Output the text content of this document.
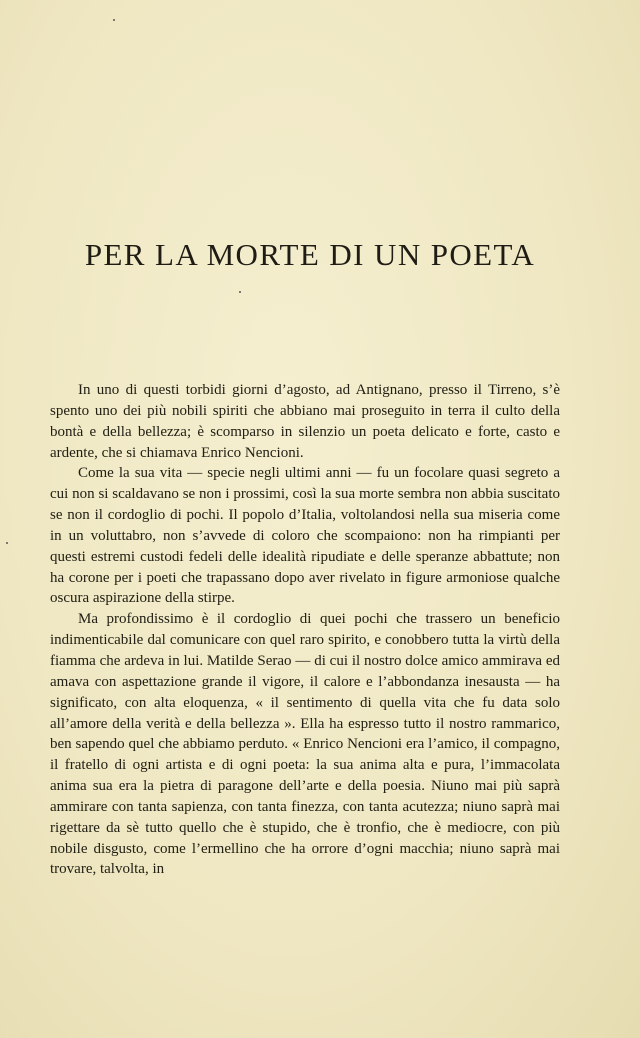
PER LA MORTE DI UN POETA

In uno di questi torbidi giorni d’agosto, ad Antignano, presso il Tirreno, s’è spento uno dei più nobili spiriti che abbiano mai proseguito in terra il culto della bontà e della bellezza; è scomparso in silenzio un poeta delicato e forte, casto e ardente, che si chiamava Enrico Nencioni.

Come la sua vita — specie negli ultimi anni — fu un focolare quasi segreto a cui non si scaldavano se non i prossimi, così la sua morte sembra non abbia suscitato se non il cordoglio di pochi. Il popolo d’Italia, voltolandosi nella sua miseria come in un voluttabro, non s’avvede di coloro che scompaiono: non ha rimpianti per questi estremi custodi fedeli delle idealità ripudiate e delle speranze abbattute; non ha corone per i poeti che trapassano dopo aver rivelato in figure armoniose qualche oscura aspirazione della stirpe.

Ma profondissimo è il cordoglio di quei pochi che trassero un beneficio indimenticabile dal comunicare con quel raro spirito, e conobbero tutta la virtù della fiamma che ardeva in lui. Matilde Serao — di cui il nostro dolce amico ammirava ed amava con aspettazione grande il vigore, il calore e l’abbondanza inesausta — ha significato, con alta eloquenza, « il sentimento di quella vita che fu data solo all’amore della verità e della bellezza ». Ella ha espresso tutto il nostro rammarico, ben sapendo quel che abbiamo perduto. « Enrico Nencioni era l’amico, il compagno, il fratello di ogni artista e di ogni poeta: la sua anima alta e pura, l’immacolata anima sua era la pietra di paragone dell’arte e della poesia. Niuno mai più saprà ammirare con tanta sapienza, con tanta finezza, con tanta acutezza; niuno saprà mai rigettare da sè tutto quello che è stupido, che è tronfio, che è mediocre, con più nobile disgusto, come l’ermellino che ha orrore d’ogni macchia; niuno saprà mai trovare, talvolta, in
